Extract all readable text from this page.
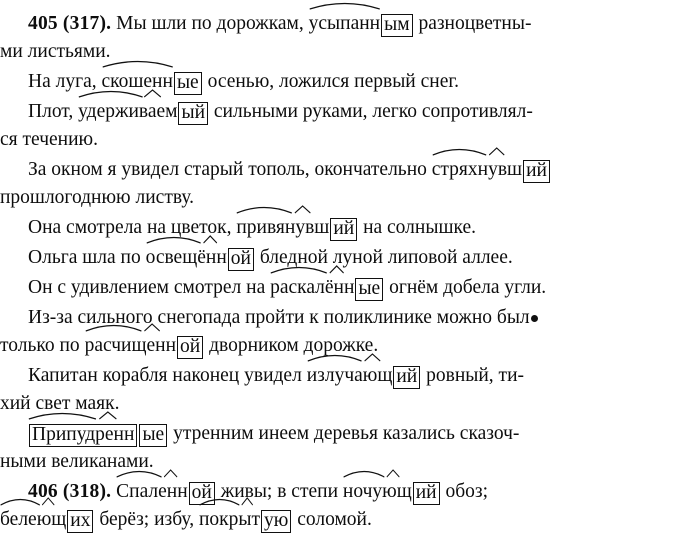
405 (317). Мы шли по дорожкам,
усыпанн ым разноцветны-

ми листьями.

На луга,
скошенн ые осенью, ложился первый снег.

Плот,
удерживаем ый сильными руками, легко сопротивлял-

ся течению.

За окном я увидел старый тополь, окончательно
стряхнувш ий

прошлогоднюю листву.

Она смотрела на цветок,
привянувш ий на солнышке.

Ольга шла по
освещённ ой бледной луной липовой аллее.

Он с удивлением смотрел на
раскалённ ые огнём добела угли.

Из-за сильного снегопада пройти к поликлинике можно был

только по
расчищенн ой дворником дорожке.

Капитан корабля наконец увидел
излучающ ий ровный, ти-

хий свет маяк.

Припудренн ые утренним инеем деревья казались сказоч-

ными великанами.

406 (318). Спаленн ой живы; в степи
ночующ ий обоз;

белеющ их берёз; избу,
покрыт ую соломой.
